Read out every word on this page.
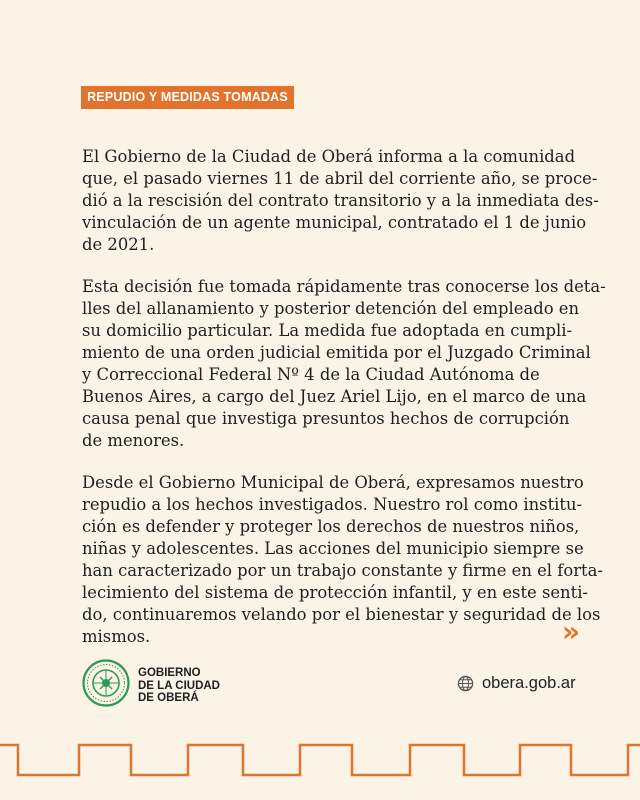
REPUDIO Y MEDIDAS TOMADAS

El Gobierno de la Ciudad de Oberá informa a la comunidad
que, el pasado viernes 11 de abril del corriente año, se proce-
dió a la rescisión del contrato transitorio y a la inmediata des-
vinculación de un agente municipal, contratado el 1 de junio
de 2021.

Esta decisión fue tomada rápidamente tras conocerse los deta-
lles del allanamiento y posterior detención del empleado en
su domicilio particular. La medida fue adoptada en cumpli-
miento de una orden judicial emitida por el Juzgado Criminal
y Correccional Federal Nº 4 de la Ciudad Autónoma de
Buenos Aires, a cargo del Juez Ariel Lijo, en el marco de una
causa penal que investiga presuntos hechos de corrupción
de menores.

Desde el Gobierno Municipal de Oberá, expresamos nuestro
repudio a los hechos investigados. Nuestro rol como institu-
ción es defender y proteger los derechos de nuestros niños,
niñas y adolescentes. Las acciones del municipio siempre se
han caracterizado por un trabajo constante y firme en el forta-
lecimiento del sistema de protección infantil, y en este senti-
do, continuaremos velando por el bienestar y seguridad de los
mismos.	»
GOBIERNO
DE LA CIUDAD
DE OBERÁ
obera.gob.ar
